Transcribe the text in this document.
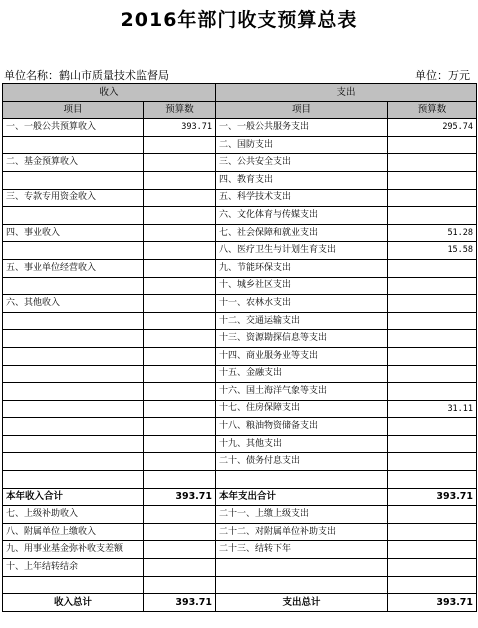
2016年部门收支预算总表
单位名称：鹤山市质量技术监督局	单位：万元
收入		支出	
项目	预算数	项目	预算数
一、一般公共预算收入	393.71	一、一般公共服务支出	295.74
		二、国防支出	
二、基金预算收入		三、公共安全支出	
		四、教育支出	
三、专款专用资金收入		五、科学技术支出	
		六、文化体育与传媒支出	
四、事业收入		七、社会保障和就业支出	51.28
		八、医疗卫生与计划生育支出	15.58
五、事业单位经营收入		九、节能环保支出	
		十、城乡社区支出	
六、其他收入		十一、农林水支出	
		十二、交通运输支出	
		十三、资源勘探信息等支出	
		十四、商业服务业等支出	
		十五、金融支出	
		十六、国土海洋气象等支出	
		十七、住房保障支出	31.11
		十八、粮油物资储备支出	
		十九、其他支出	
		二十、债务付息支出	

本年收入合计	393.71	本年支出合计	393.71
七、上级补助收入		二十一、上缴上级支出	
八、附属单位上缴收入		二十二、对附属单位补助支出	
九、用事业基金弥补收支差额		二十三、结转下年	
十、上年结转结余			

收入总计	393.71	支出总计	393.71
